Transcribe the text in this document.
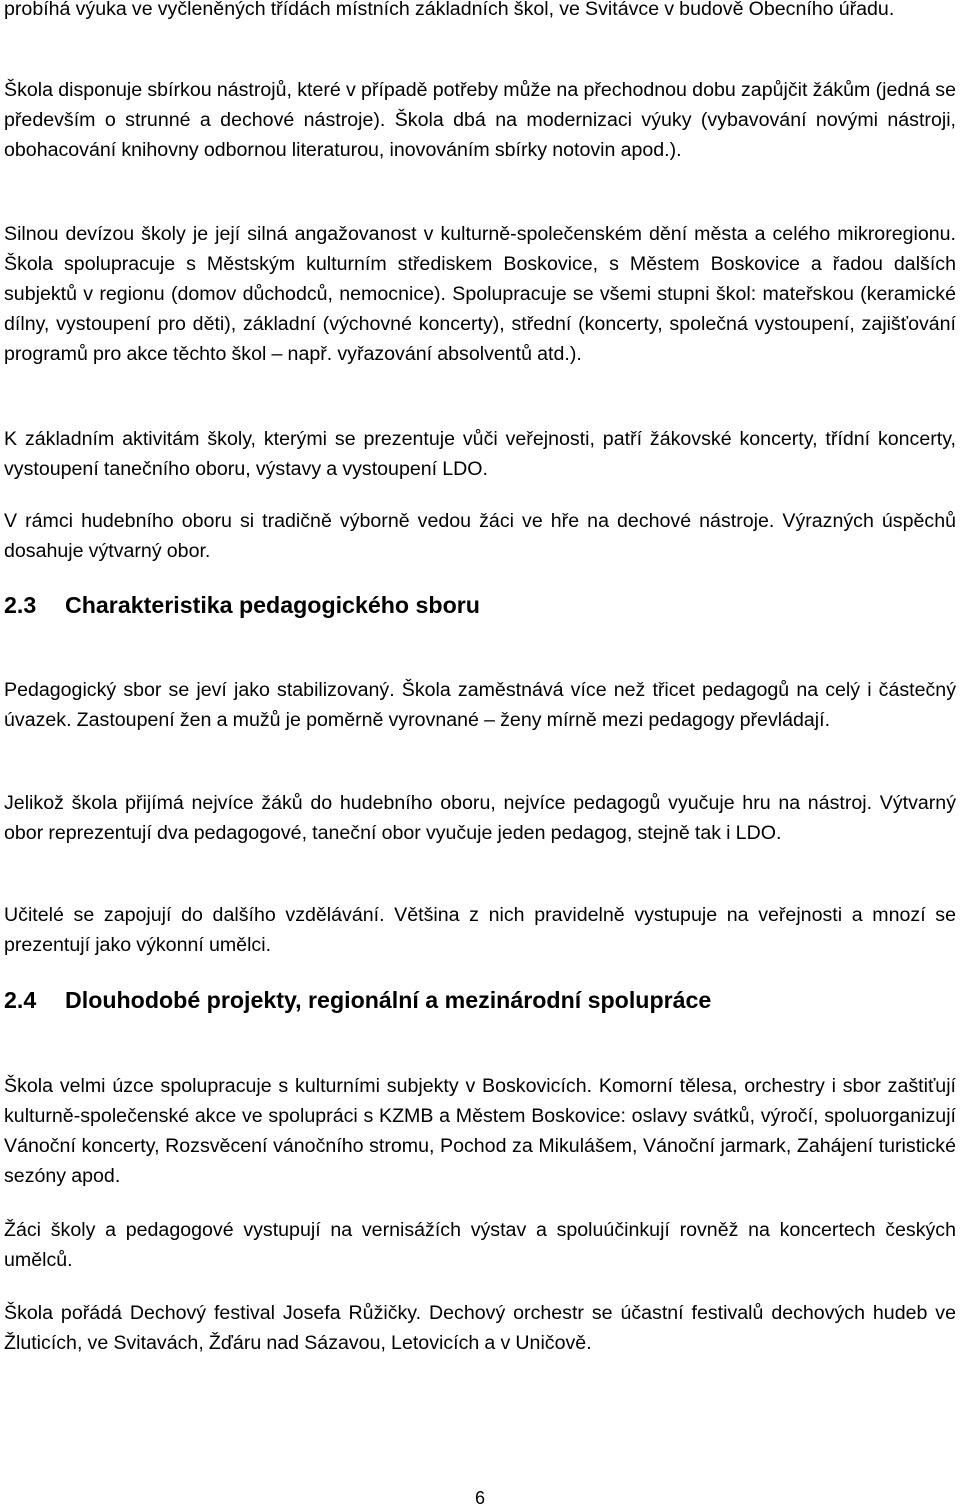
probíhá výuka ve vyčleněných třídách místních základních škol, ve Svitávce v budově Obecního úřadu.

Škola disponuje sbírkou nástrojů, které v případě potřeby může na přechodnou dobu zapůjčit žákům (jedná se především o strunné a dechové nástroje). Škola dbá na modernizaci výuky (vybavování novými nástroji, obohacování knihovny odbornou literaturou, inovováním sbírky notovin apod.).

Silnou devízou školy je její silná angažovanost v kulturně-společenském dění města a celého mikroregionu. Škola spolupracuje s Městským kulturním střediskem Boskovice, s Městem Boskovice a řadou dalších subjektů v regionu (domov důchodců, nemocnice). Spolupracuje se všemi stupni škol: mateřskou (keramické dílny, vystoupení pro děti), základní (výchovné koncerty), střední (koncerty, společná vystoupení, zajišťování programů pro akce těchto škol – např. vyřazování absolventů atd.).

K základním aktivitám školy, kterými se prezentuje vůči veřejnosti, patří žákovské koncerty, třídní koncerty, vystoupení tanečního oboru, výstavy a vystoupení LDO.

V rámci hudebního oboru si tradičně výborně vedou žáci ve hře na dechové nástroje. Výrazných úspěchů dosahuje výtvarný obor.

2.3 Charakteristika pedagogického sboru

Pedagogický sbor se jeví jako stabilizovaný. Škola zaměstnává více než třicet pedagogů na celý i částečný úvazek. Zastoupení žen a mužů je poměrně vyrovnané – ženy mírně mezi pedagogy převládají.

Jelikož škola přijímá nejvíce žáků do hudebního oboru, nejvíce pedagogů vyučuje hru na nástroj. Výtvarný obor reprezentují dva pedagogové, taneční obor vyučuje jeden pedagog, stejně tak i LDO.

Učitelé se zapojují do dalšího vzdělávání. Většina z nich pravidelně vystupuje na veřejnosti a mnozí se prezentují jako výkonní umělci.

2.4 Dlouhodobé projekty, regionální a mezinárodní spolupráce

Škola velmi úzce spolupracuje s kulturními subjekty v Boskovicích. Komorní tělesa, orchestry i sbor zaštiťují kulturně-společenské akce ve spolupráci s KZMB a Městem Boskovice: oslavy svátků, výročí, spoluorganizují Vánoční koncerty, Rozsvěcení vánočního stromu, Pochod za Mikulášem, Vánoční jarmark, Zahájení turistické sezóny apod.

Žáci školy a pedagogové vystupují na vernisážích výstav a spoluúčinkují rovněž na koncertech českých umělců.

Škola pořádá Dechový festival Josefa Růžičky. Dechový orchestr se účastní festivalů dechových hudeb ve Žluticích, ve Svitavách, Žďáru nad Sázavou, Letovicích a v Uničově.

6
